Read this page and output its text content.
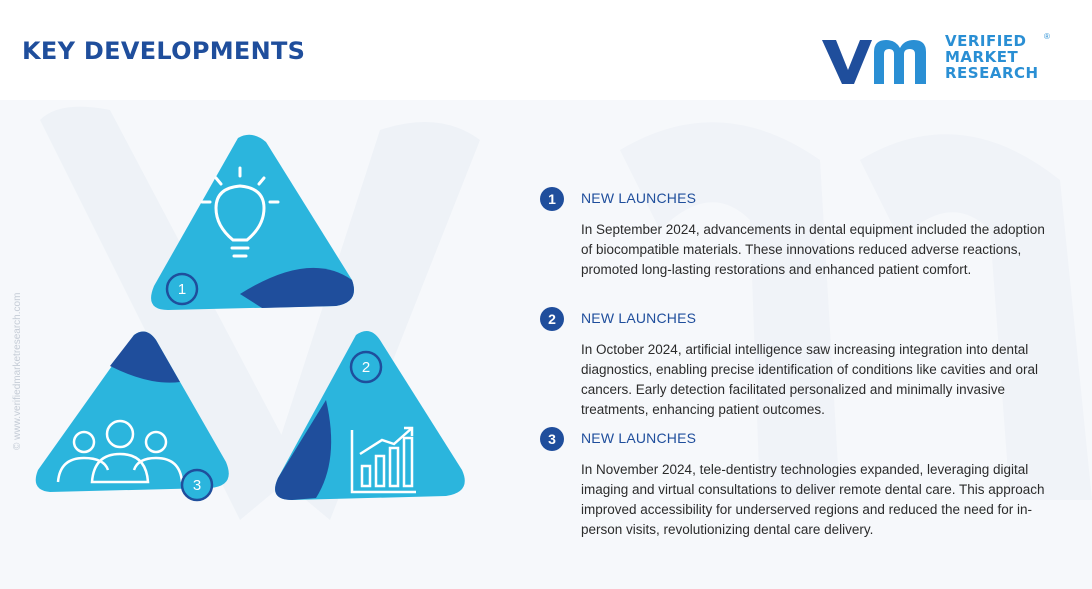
KEY DEVELOPMENTS	VERIFIED
MARKET
RESEARCH
®
© www.verifiedmarketresearch.com
1
2
3
1	NEW LAUNCHES

In September 2024, advancements in dental equipment included the adoption of biocompatible materials. These innovations reduced adverse reactions, promoted long-lasting restorations and enhanced patient comfort.

2	NEW LAUNCHES

In October 2024, artificial intelligence saw increasing integration into dental diagnostics, enabling precise identification of conditions like cavities and oral cancers. Early detection facilitated personalized and minimally invasive treatments, enhancing patient outcomes.

3	NEW LAUNCHES

In November 2024, tele-dentistry technologies expanded, leveraging digital imaging and virtual consultations to deliver remote dental care. This approach improved accessibility for underserved regions and reduced the need for in-person visits, revolutionizing dental care delivery.
